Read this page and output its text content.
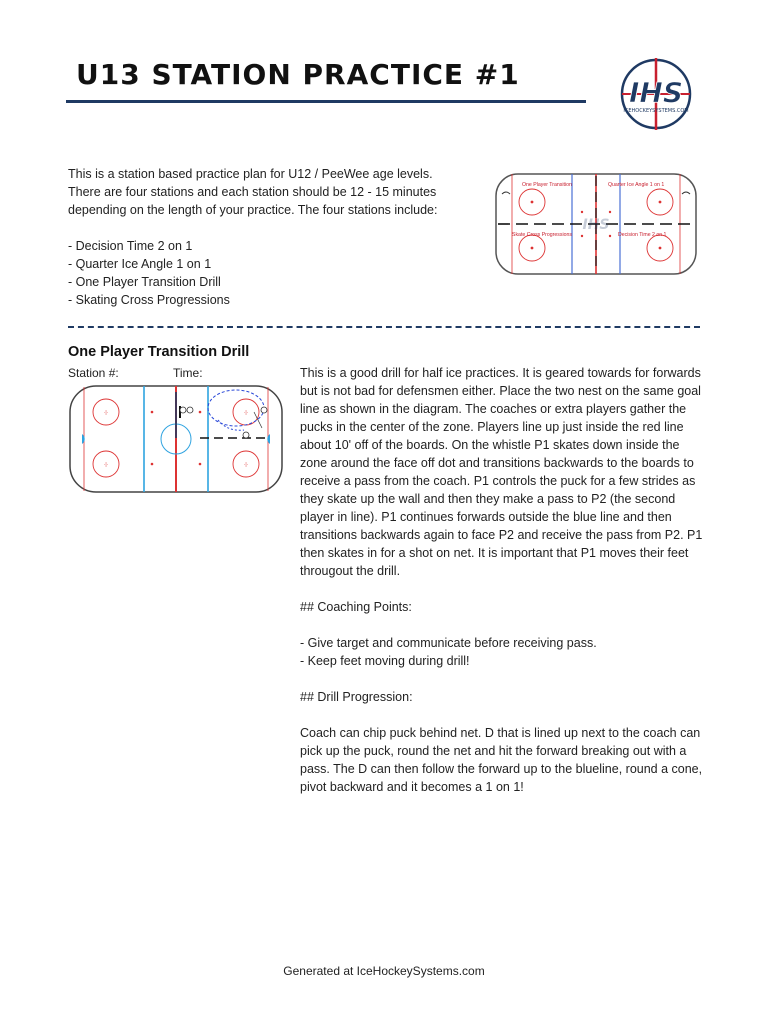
U13 STATION PRACTICE #1
IHS
ICEHOCKEYSYSTEMS.COM

This is a station based practice plan for U12 / PeeWee age levels. There are four stations and each station should be 12 - 15 minutes depending on the length of your practice. The four stations include:

- Decision Time 2 on 1
- Quarter Ice Angle 1 on 1
- One Player Transition Drill
- Skating Cross Progressions
IHS
One Player Transition	Quarter Ice Angle 1 on 1
Skate Cross Progressions	Decision Time 2 on 1
One Player Transition Drill
Station #:	Time:
·|·
·|·
·|·
·|·

This is a good drill for half ice practices. It is geared towards for forwards but is not bad for defensmen either. Place the two nest on the same goal line as shown in the diagram. The coaches or extra players gather the pucks in the center of the zone. Players line up just inside the red line about 10' off of the boards. On the whistle P1 skates down inside the zone around the face off dot and transitions backwards to the boards to receive a pass from the coach. P1 controls the puck for a few strides as they skate up the wall and then they make a pass to P2 (the second player in line). P1 continues forwards outside the blue line and then transitions backwards again to face P2 and receive the pass from P2. P1 then skates in for a shot on net. It is important that P1 moves their feet througout the drill.

## Coaching Points:

- Give target and communicate before receiving pass.
- Keep feet moving during drill!

## Drill Progression:

Coach can chip puck behind net. D that is lined up next to the coach can pick up the puck, round the net and hit the forward breaking out with a pass. The D can then follow the forward up to the blueline, round a cone, pivot backward and it becomes a 1 on 1!

Generated at IceHockeySystems.com
